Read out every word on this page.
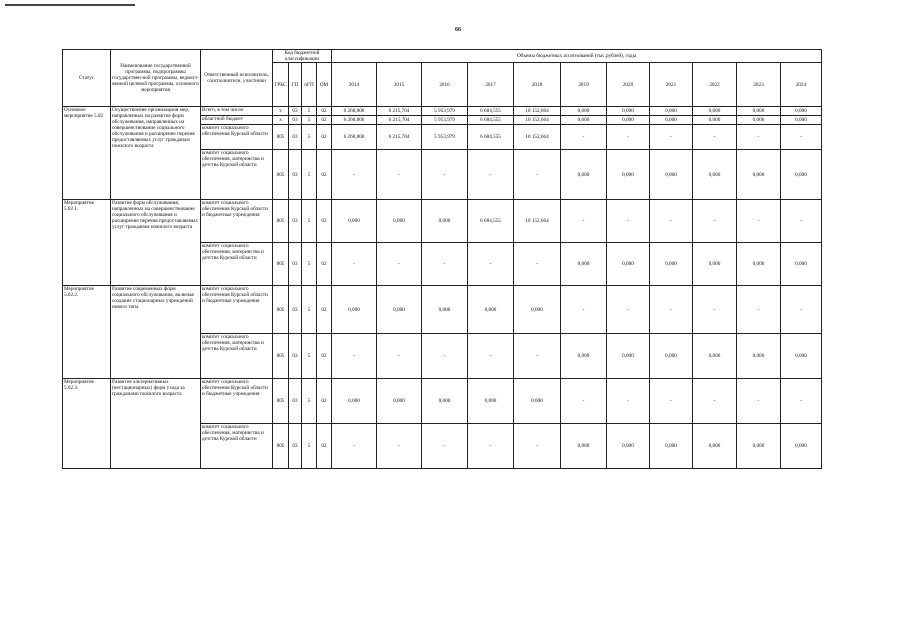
66
Статус	Наименование государственной программы, подпрограммы государствен-ной программы, ведомст-венной целевой программы, основного мероприятия	Ответственный исполнитель, соисполнители, участники	Код бюджетной классификации				Объемы бюджетных ассигнований (тыс.рублей), годы										
			ГРБС	ГП	пГП	ОМ	2014	2015	2016	2017	2018	2019	2020	2021	2022	2023	2024
Основное мероприятие 5.02	Осуществление организацион мер, направленных на развитие форм обслуживания, направленных на совершенствование социального обслуживания и расширение перечня предоставляемых услуг гражданам пожилого возраста	Всего, в том числе:	x	03	5	02	6 268,800	6 215,704	5 953,979	6 684,555	10 152,664	0,000	0,000	0,000	0,000	0,000	0,000
		областной бюджет	x	03	5	02	6 268,800	6 215,704	5 953,979	6 684,555	10 152,664	0,000	0,000	0,000	0,000	0,000	0,000
		комитет социального обеспечения Курской области	805	03	5	02	6 268,800	6 215,704	5 953,979	6 684,555	10 152,664	-	-	-	-	-	-
		комитет социального обеспечения, материнства и детства Курской области	805	03	5	02	-	-	-	-	-	0,000	0,000	0,000	0,000	0,000	0,000
Мероприятие 5.02.1.	Развитие форм обслуживания, направленных на совершенствование социального обслуживания и расширение перечня предоставляемых услуг гражданам пожилого возраста	комитет социального обеспечения Курской области и бюджетные учреждения	805	03	5	02	0,000	0,000	0,000	6 684,555	10 152,664	-	-	-	-	-	-
		комитет социального обеспечения, материнства и детства Курской области	805	03	5	02	-	-	-	-	-	0,000	0,000	0,000	0,000	0,000	0,000
Мероприятие 5.02.2.	Развитие современных форм социального обслуживания, включая создание стационарных учреждений нового типа	комитет социального обеспечения Курской области и бюджетные учреждения	805	03	5	02	0,000	0,000	0,000	0,000	0,000	-	-	-	-	-	-
		комитет социального обеспечения, материнства и детства Курской области	805	03	5	02	-	-	-	-	-	0,000	0,000	0,000	0,000	0,000	0,000
Мероприятие 5.02.3.	Развитие альтернативных (нестационарных) форм ухода за гражданами пожилого возраста	комитет социального обеспечения Курской области и бюджетные учреждения	805	03	5	02	0,000	0,000	0,000	0,000	0,000	-	-	-	-	-	-
		комитет социального обеспечения, материнства и детства Курской области	805	03	5	02	-	-	-	-	-	0,000	0,000	0,000	0,000	0,000	0,000
